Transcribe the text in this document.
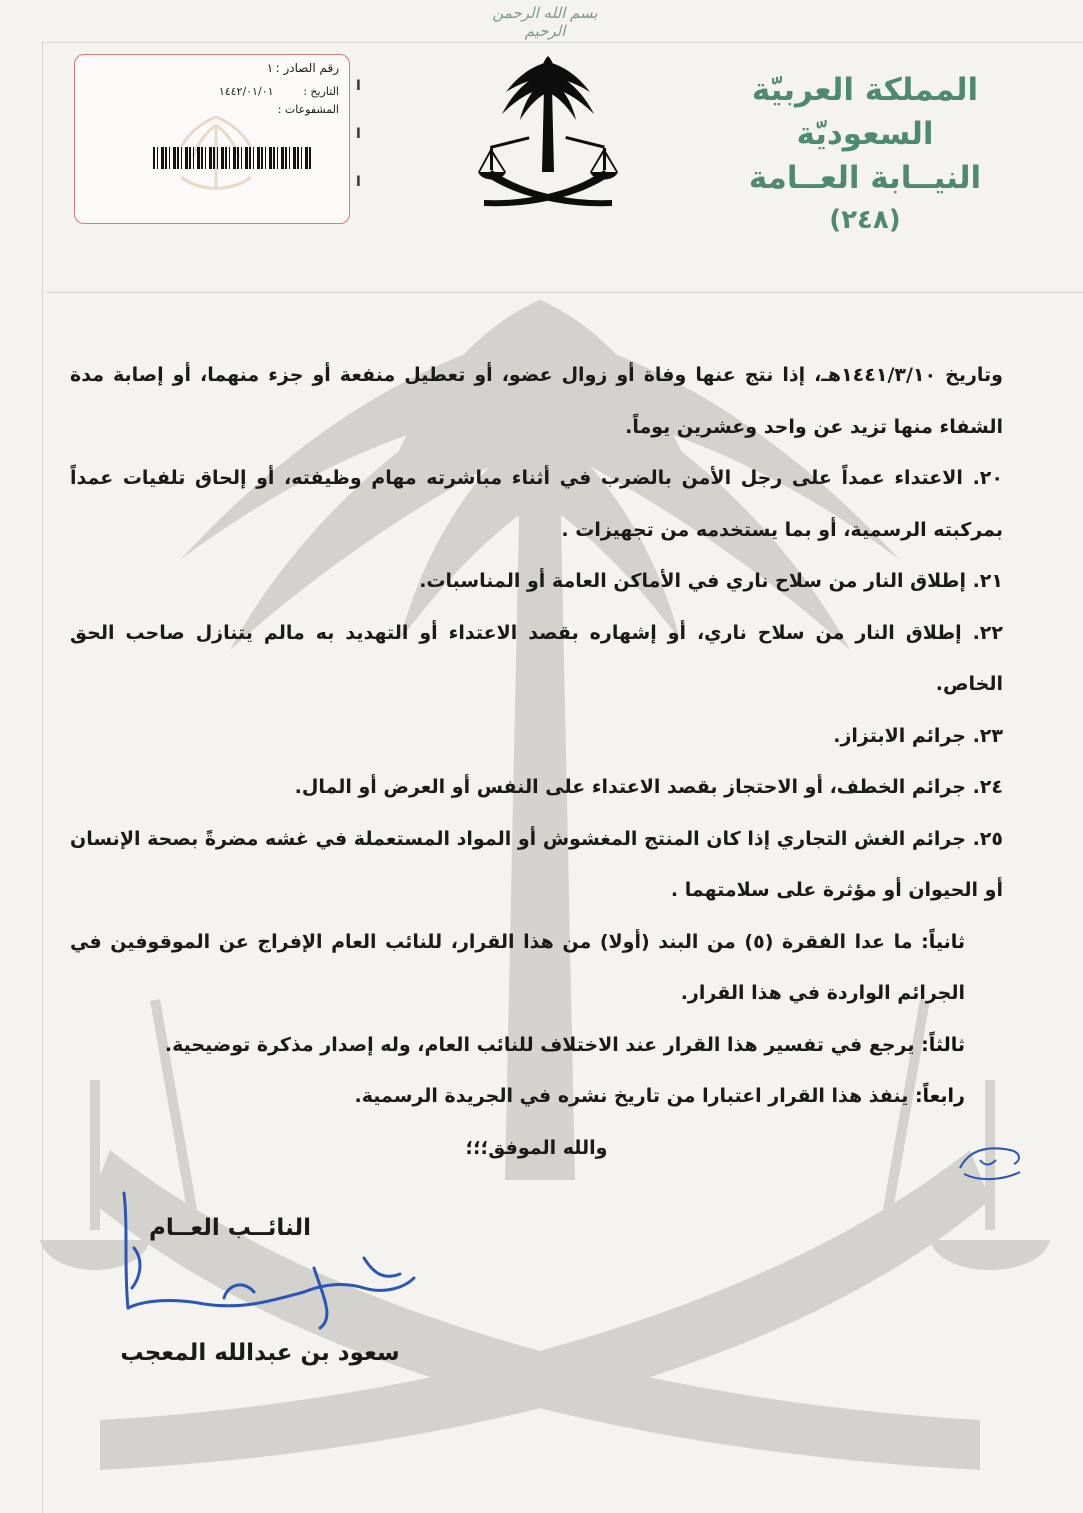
بسم الله الرحمن الرحيم
المملكة العربيّة السعوديّة
النيــابة العــامة
(٢٤٨)
رقم الصادر : ١
التاريخ : ١٤٤٢/٠١/٠١
المشفوعات :
ا
ا
ا

وتاريخ ١٤٤١/٣/١٠هـ، إذا نتج عنها وفاة أو زوال عضو، أو تعطيل منفعة أو جزء منهما، أو إصابة مدة الشفاء منها تزيد عن واحد وعشرين يوماً.

٢٠. الاعتداء عمداً على رجل الأمن بالضرب في أثناء مباشرته مهام وظيفته، أو إلحاق تلفيات عمداً بمركبته الرسمية، أو بما يستخدمه من تجهيزات .

٢١. إطلاق النار من سلاح ناري في الأماكن العامة أو المناسبات.

٢٢. إطلاق النار من سلاح ناري، أو إشهاره بقصد الاعتداء أو التهديد به مالم يتنازل صاحب الحق الخاص.

٢٣. جرائم الابتزاز.

٢٤. جرائم الخطف، أو الاحتجاز بقصد الاعتداء على النفس أو العرض أو المال.

٢٥. جرائم الغش التجاري إذا كان المنتج المغشوش أو المواد المستعملة في غشه مضرةً بصحة الإنسان أو الحيوان أو مؤثرة على سلامتهما .

ثانياً: ما عدا الفقرة (٥) من البند (أولا) من هذا القرار، للنائب العام الإفراج عن الموقوفين في الجرائم الواردة في هذا القرار.

ثالثاً: يرجع في تفسير هذا القرار عند الاختلاف للنائب العام، وله إصدار مذكرة توضيحية.

رابعاً: ينفذ هذا القرار اعتبارا من تاريخ نشره في الجريدة الرسمية.

والله الموفق؛؛؛

النائــب العــام
سعود بن عبدالله المعجب
